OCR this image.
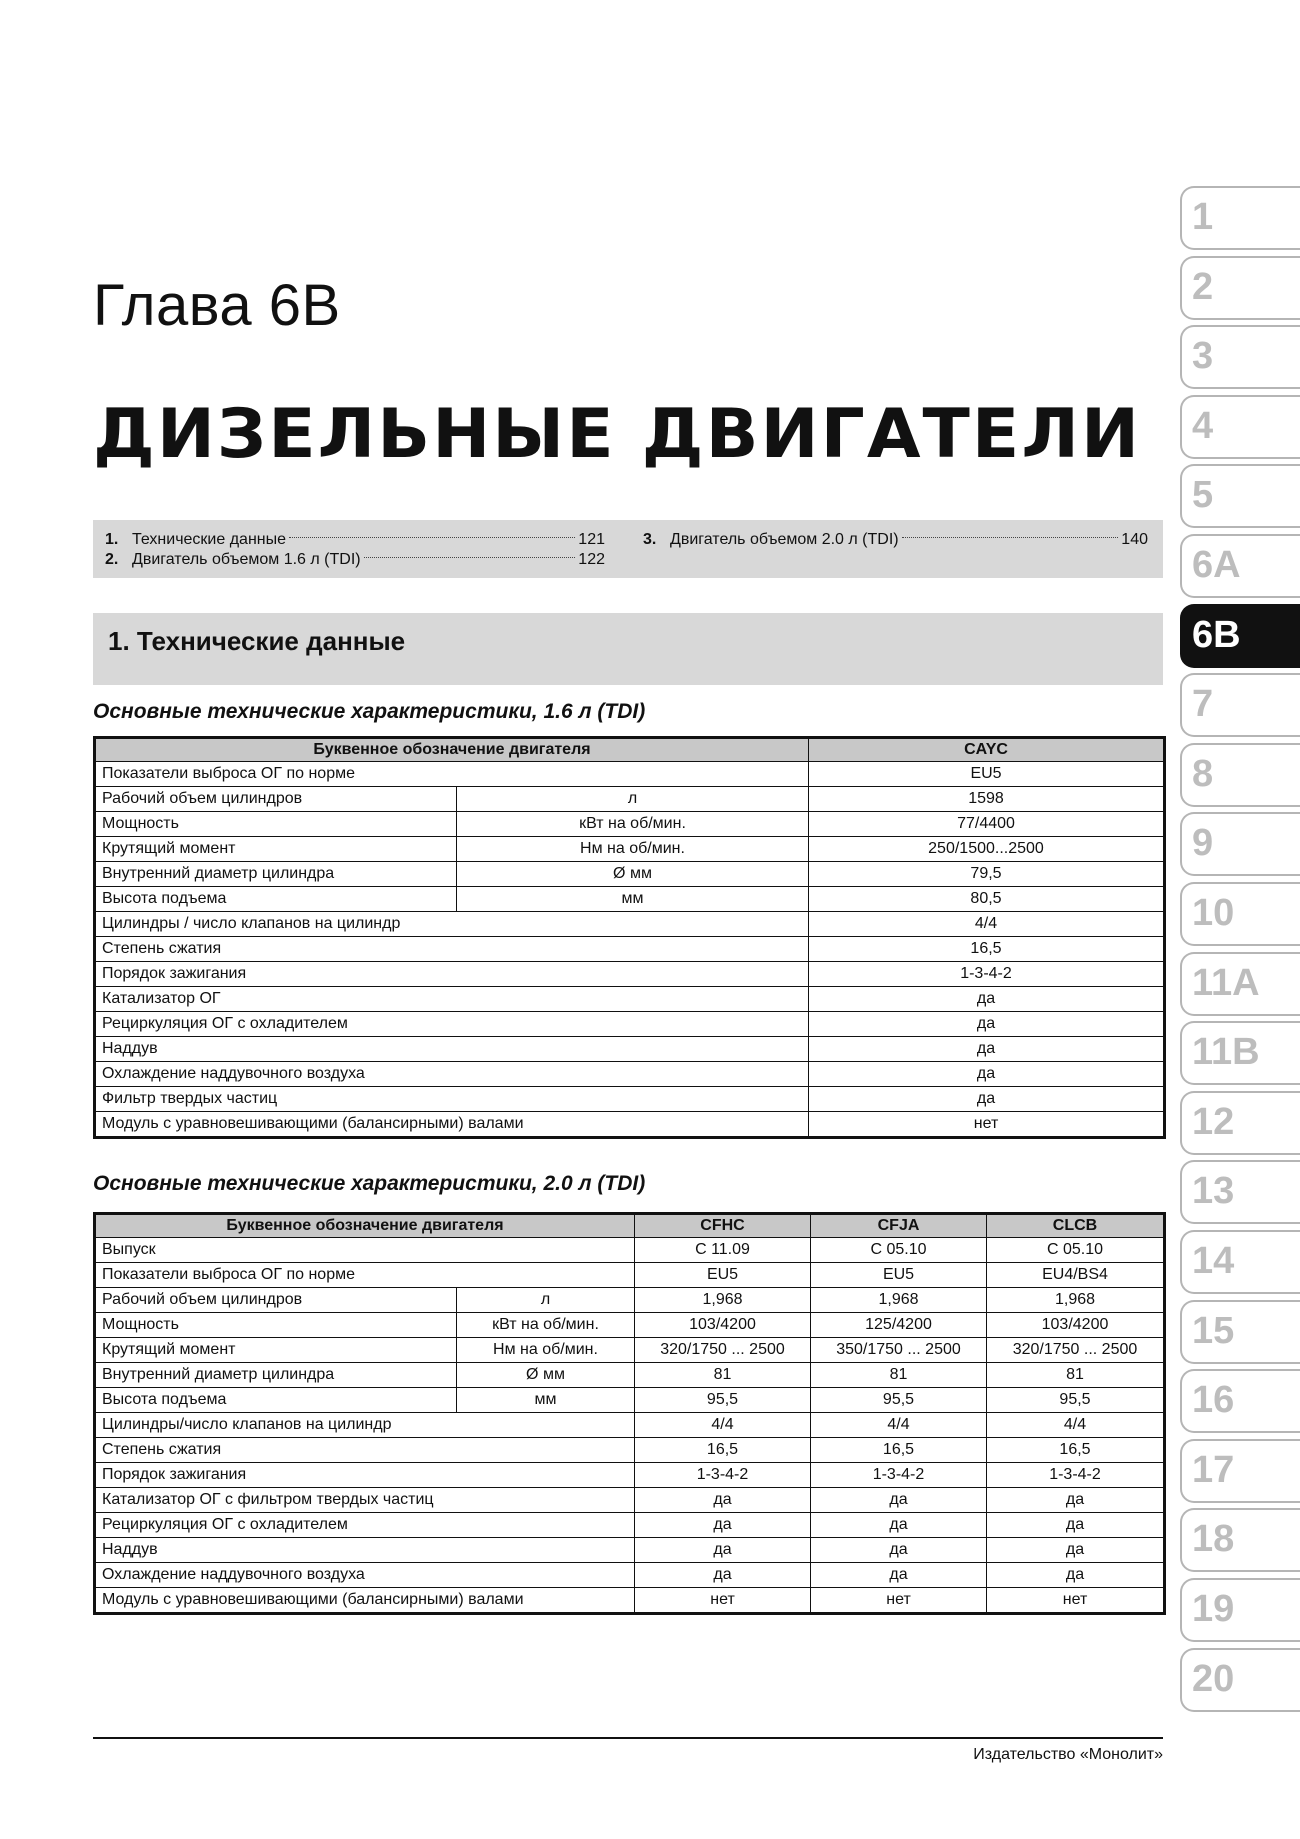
Глава 6В
ДИЗЕЛЬНЫЕ ДВИГАТЕЛИ
1. Технические данные	121
2. Двигатель объемом 1.6 л (TDI)	122
3. Двигатель объемом 2.0 л (TDI)	140
1. Технические данные
Основные технические характеристики, 1.6 л (TDI)
Буквенное обозначение двигателя		CAYC
Показатели выброса ОГ по норме		EU5
Рабочий объем цилиндров	л	1598
Мощность	кВт на об/мин.	77/4400
Крутящий момент	Нм на об/мин.	250/1500...2500
Внутренний диаметр цилиндра	Ø мм	79,5
Высота подъема	мм	80,5
Цилиндры / число клапанов на цилиндр		4/4
Степень сжатия		16,5
Порядок зажигания		1-3-4-2
Катализатор ОГ		да
Рециркуляция ОГ с охладителем		да
Наддув		да
Охлаждение наддувочного воздуха		да
Фильтр твердых частиц		да
Модуль с уравновешивающими (балансирными) валами		нет
Основные технические характеристики, 2.0 л (TDI)
Буквенное обозначение двигателя		CFHC	CFJA	CLCB
Выпуск		С 11.09	С 05.10	С 05.10
Показатели выброса ОГ по норме		EU5	EU5	EU4/BS4
Рабочий объем цилиндров	л	1,968	1,968	1,968
Мощность	кВт на об/мин.	103/4200	125/4200	103/4200
Крутящий момент	Нм на об/мин.	320/1750 ... 2500	350/1750 ... 2500	320/1750 ... 2500
Внутренний диаметр цилиндра	Ø мм	81	81	81
Высота подъема	мм	95,5	95,5	95,5
Цилиндры/число клапанов на цилиндр		4/4	4/4	4/4
Степень сжатия		16,5	16,5	16,5
Порядок зажигания		1-3-4-2	1-3-4-2	1-3-4-2
Катализатор ОГ с фильтром твердых частиц		да	да	да
Рециркуляция ОГ с охладителем		да	да	да
Наддув		да	да	да
Охлаждение наддувочного воздуха		да	да	да
Модуль с уравновешивающими (балансирными) валами		нет	нет	нет
1
2
3
4
5
6А
6В
7
8
9
10
11А
11В
12
13
14
15
16
17
18
19
20
Издательство «Монолит»
